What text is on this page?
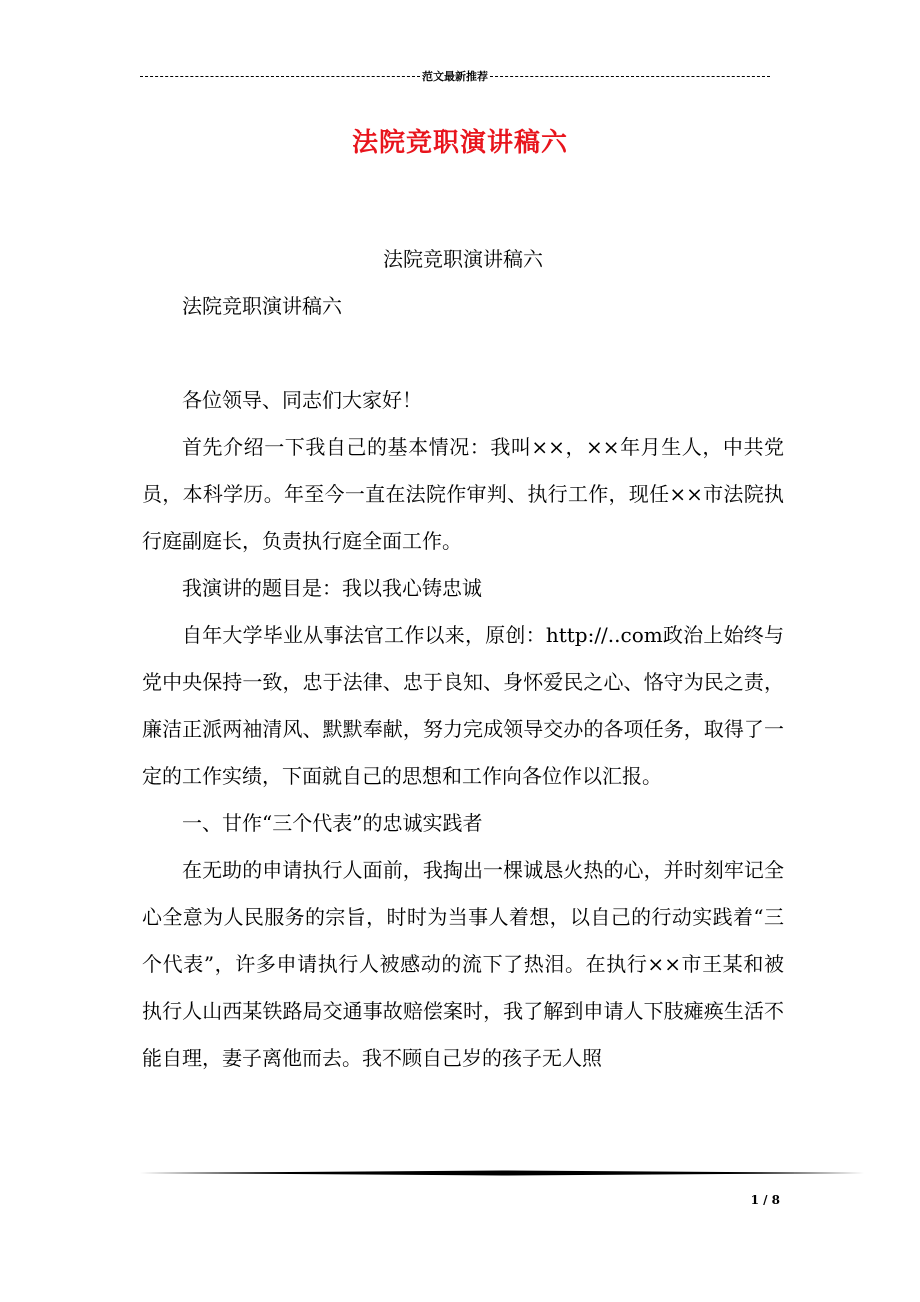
范文最新推荐
法院竞职演讲稿六

法院竞职演讲稿六

法院竞职演讲稿六

各位领导、同志们大家好！

首先介绍一下我自己的基本情况：我叫××，××年月生人，中共党员，本科学历。年至今一直在法院作审判、执行工作，现任××市法院执行庭副庭长，负责执行庭全面工作。

我演讲的题目是：我以我心铸忠诚

自年大学毕业从事法官工作以来，原创：http://..com政治上始终与党中央保持一致，忠于法律、忠于良知、身怀爱民之心、恪守为民之责，廉洁正派两袖清风、默默奉献，努力完成领导交办的各项任务，取得了一定的工作实绩，下面就自己的思想和工作向各位作以汇报。

一、甘作“三个代表”的忠诚实践者

在无助的申请执行人面前，我掏出一棵诚恳火热的心，并时刻牢记全心全意为人民服务的宗旨，时时为当事人着想，以自己的行动实践着“三个代表”，许多申请执行人被感动的流下了热泪。在执行××市王某和被执行人山西某铁路局交通事故赔偿案时，我了解到申请人下肢瘫痪生活不能自理，妻子离他而去。我不顾自己岁的孩子无人照

1 / 8
